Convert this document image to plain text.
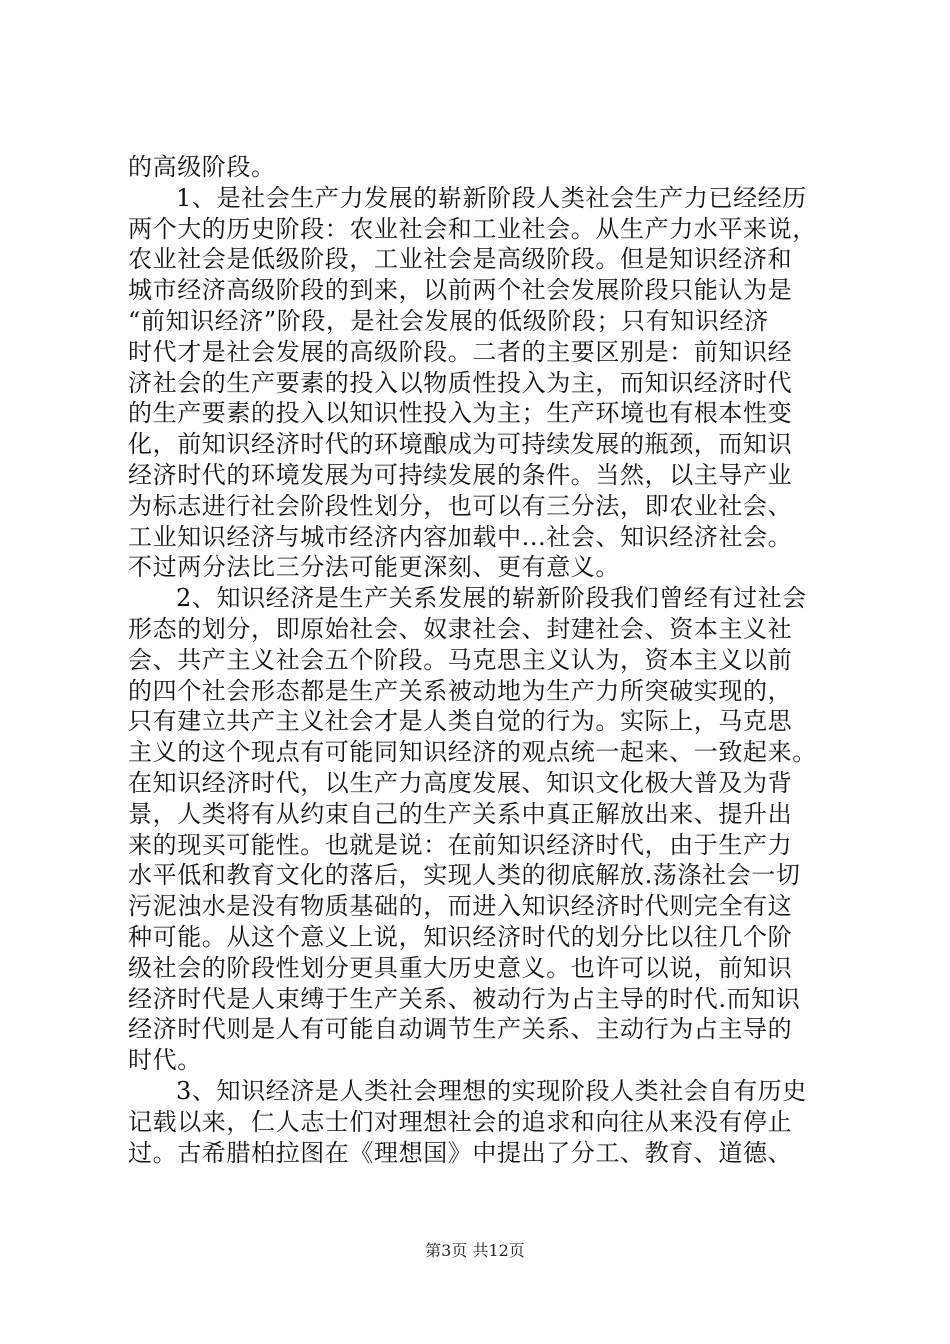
的高级阶段。
1、是社会生产力发展的崭新阶段人类社会生产力已经经历
两个大的历史阶段：农业社会和工业社会。从生产力水平来说，
农业社会是低级阶段，工业社会是高级阶段。但是知识经济和
城市经济高级阶段的到来，以前两个社会发展阶段只能认为是
“前知识经济”阶段，是社会发展的低级阶段；只有知识经济
时代才是社会发展的高级阶段。二者的主要区别是：前知识经
济社会的生产要素的投入以物质性投入为主，而知识经济时代
的生产要素的投入以知识性投入为主；生产环境也有根本性变
化，前知识经济时代的环境酿成为可持续发展的瓶颈，而知识
经济时代的环境发展为可持续发展的条件。当然，以主导产业
为标志进行社会阶段性划分，也可以有三分法，即农业社会、
工业知识经济与城市经济内容加载中...社会、知识经济社会。
不过两分法比三分法可能更深刻、更有意义。
2、知识经济是生产关系发展的崭新阶段我们曾经有过社会
形态的划分，即原始社会、奴隶社会、封建社会、资本主义社
会、共产主义社会五个阶段。马克思主义认为，资本主义以前
的四个社会形态都是生产关系被动地为生产力所突破实现的，
只有建立共产主义社会才是人类自觉的行为。实际上，马克思
主义的这个现点有可能同知识经济的观点统一起来、一致起来。
在知识经济时代，以生产力高度发展、知识文化极大普及为背
景，人类将有从约束自己的生产关系中真正解放出来、提升出
来的现买可能性。也就是说：在前知识经济时代，由于生产力
水平低和教育文化的落后，实现人类的彻底解放.荡涤社会一切
污泥浊水是没有物质基础的，而进入知识经济时代则完全有这
种可能。从这个意义上说，知识经济时代的划分比以往几个阶
级社会的阶段性划分更具重大历史意义。也许可以说，前知识
经济时代是人束缚于生产关系、被动行为占主导的时代.而知识
经济时代则是人有可能自动调节生产关系、主动行为占主导的
时代。
3、知识经济是人类社会理想的实现阶段人类社会自有历史
记载以来，仁人志士们对理想社会的追求和向往从来没有停止
过。古希腊柏拉图在《理想国》中提出了分工、教育、道德、
第3页 共12页
